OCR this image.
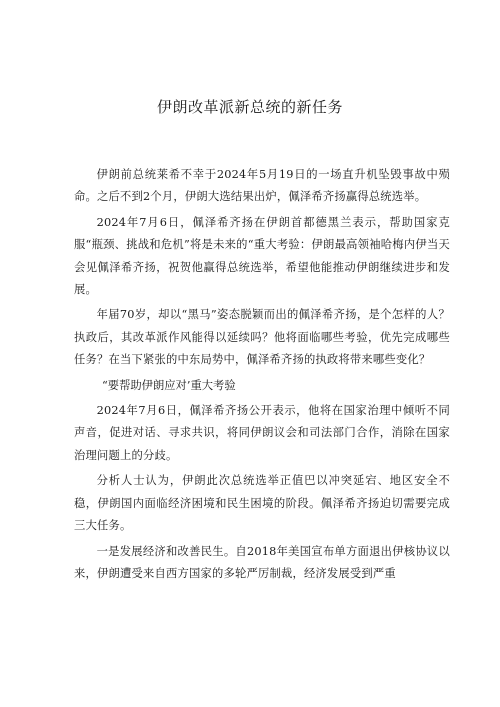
伊朗改革派新总统的新任务

伊朗前总统莱希不幸于2024年5月19日的一场直升机坠毁事故中殒命。之后不到2个月，伊朗大选结果出炉，佩泽希齐扬赢得总统选举。

2024年7月6日，佩泽希齐扬在伊朗首都德黑兰表示，帮助国家克服“瓶颈、挑战和危机”将是未来的“重大考验：伊朗最高领袖哈梅内伊当天会见佩泽希齐扬，祝贺他赢得总统选举，希望他能推动伊朗继续进步和发展。

年届70岁，却以“黑马”姿态脱颖而出的佩泽希齐扬，是个怎样的人？执政后，其改革派作风能得以延续吗？他将面临哪些考验，优先完成哪些任务？在当下紧张的中东局势中，佩泽希齐扬的执政将带来哪些变化？

“要帮助伊朗应对’重大考验

2024年7月6日，佩泽希齐扬公开表示，他将在国家治理中倾听不同声音，促进对话、寻求共识，将同伊朗议会和司法部门合作，消除在国家治理问题上的分歧。

分析人士认为，伊朗此次总统选举正值巴以冲突延宕、地区安全不稳，伊朗国内面临经济困境和民生困境的阶段。佩泽希齐扬迫切需要完成三大任务。

一是发展经济和改善民生。自2018年美国宣布单方面退出伊核协议以来，伊朗遭受来自西方国家的多轮严厉制裁，经济发展受到严重
